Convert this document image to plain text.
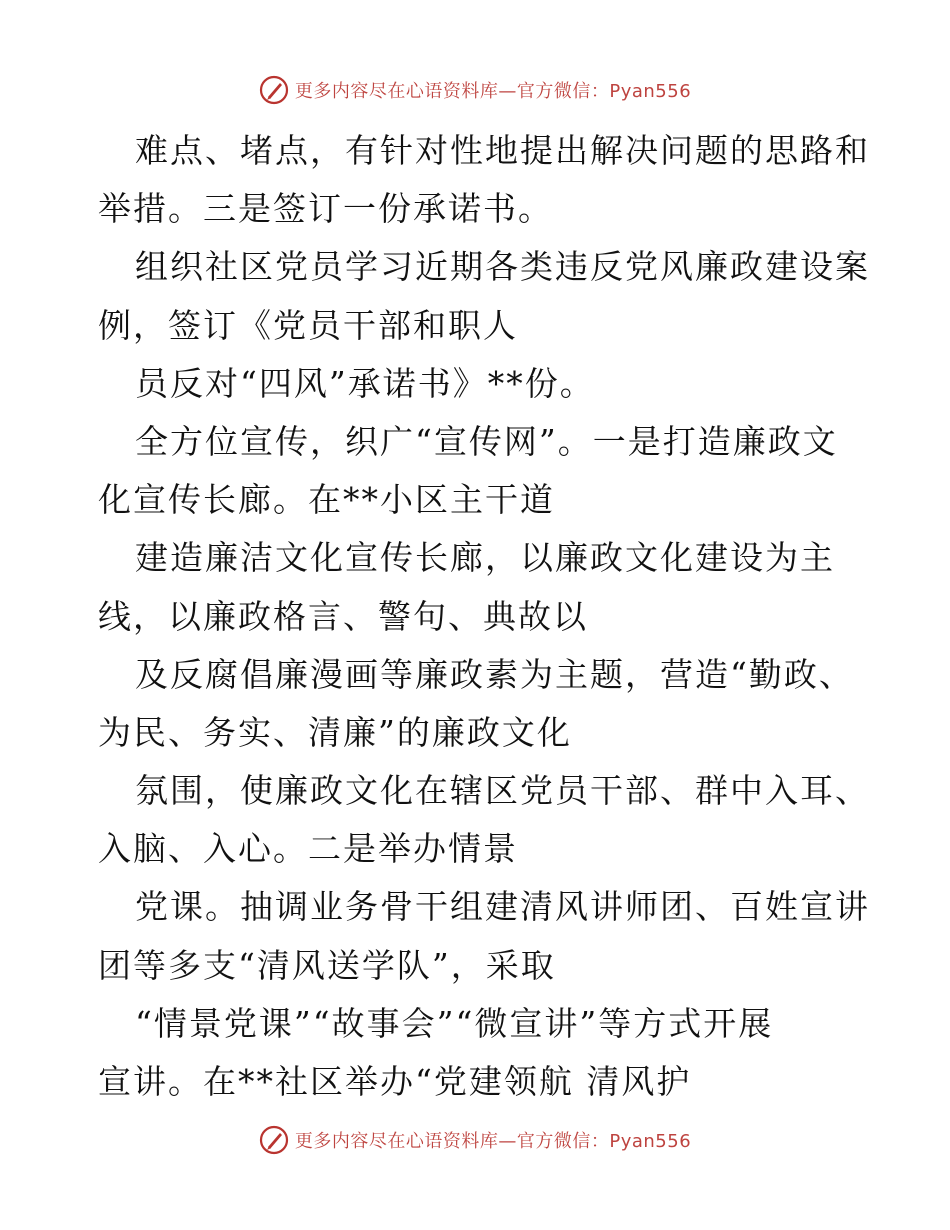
更多内容尽在心语资料库—官方微信：Pyan556
难点、堵点，有针对性地提出解决问题的思路和
举措。三是签订一份承诺书。
组织社区党员学习近期各类违反党风廉政建设案
例，签订《党员干部和职人
员反对“四风”承诺书》**份。
全方位宣传，织广“宣传网”。一是打造廉政文
化宣传长廊。在**小区主干道
建造廉洁文化宣传长廊，以廉政文化建设为主
线，以廉政格言、警句、典故以
及反腐倡廉漫画等廉政素为主题，营造“勤政、
为民、务实、清廉”的廉政文化
氛围，使廉政文化在辖区党员干部、群中入耳、
入脑、入心。二是举办情景
党课。抽调业务骨干组建清风讲师团、百姓宣讲
团等多支“清风送学队”，采取
“情景党课”“故事会”“微宣讲”等方式开展
宣讲。在**社区举办“党建领航 清风护
更多内容尽在心语资料库—官方微信：Pyan556
